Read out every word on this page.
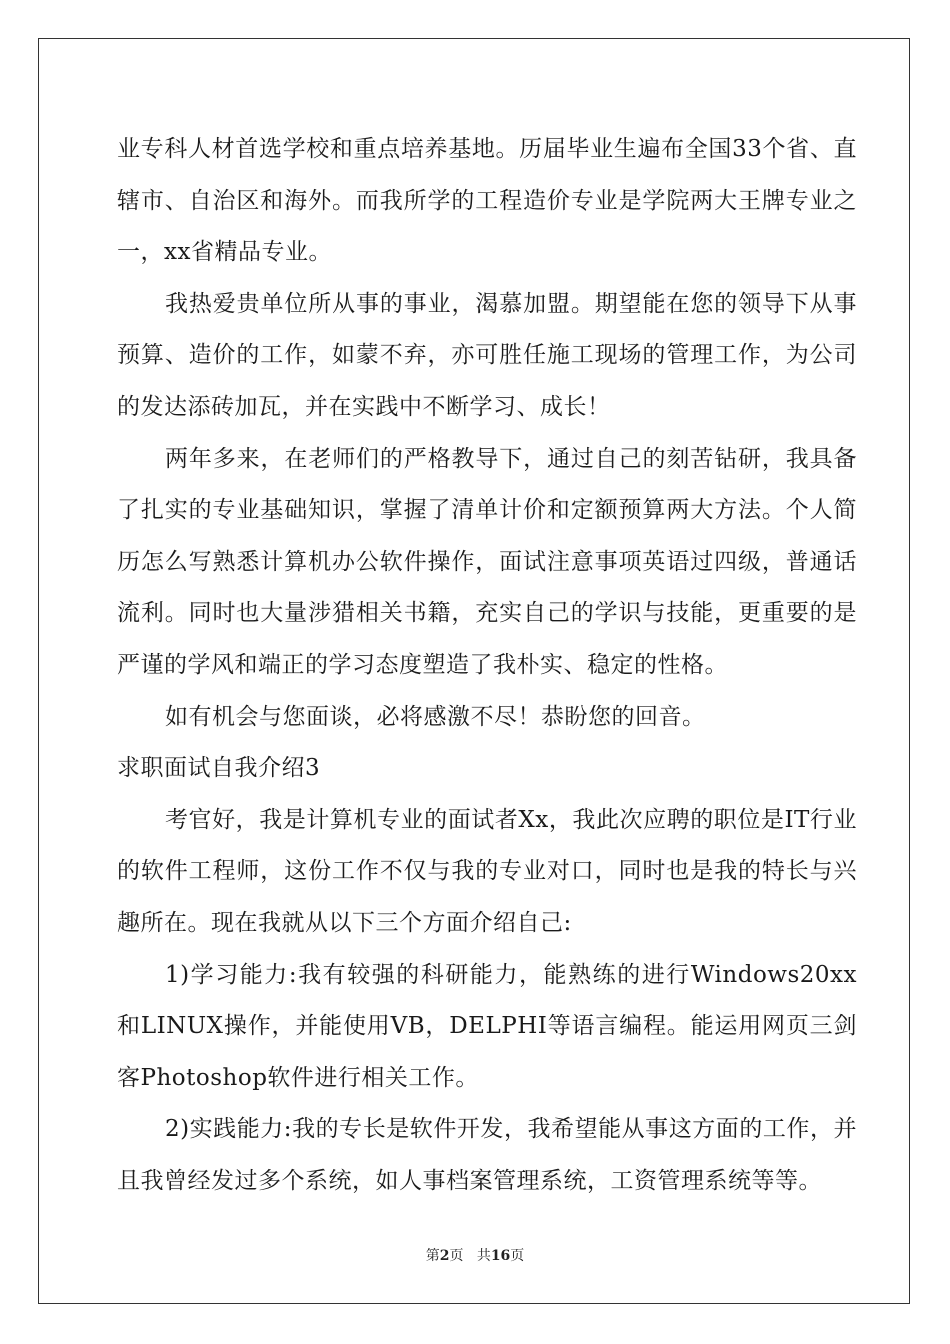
业专科人材首选学校和重点培养基地。历届毕业生遍布全国33个省、直辖市、自治区和海外。而我所学的工程造价专业是学院两大王牌专业之一，xx省精品专业。

我热爱贵单位所从事的事业，渴慕加盟。期望能在您的领导下从事预算、造价的工作，如蒙不弃，亦可胜任施工现场的管理工作，为公司的发达添砖加瓦，并在实践中不断学习、成长！

两年多来，在老师们的严格教导下，通过自己的刻苦钻研，我具备了扎实的专业基础知识，掌握了清单计价和定额预算两大方法。个人简历怎么写熟悉计算机办公软件操作，面试注意事项英语过四级，普通话流利。同时也大量涉猎相关书籍，充实自己的学识与技能，更重要的是严谨的学风和端正的学习态度塑造了我朴实、稳定的性格。

如有机会与您面谈，必将感激不尽！恭盼您的回音。

求职面试自我介绍3

考官好，我是计算机专业的面试者Xx，我此次应聘的职位是IT行业的软件工程师，这份工作不仅与我的专业对口，同时也是我的特长与兴趣所在。现在我就从以下三个方面介绍自己:

1)学习能力:我有较强的科研能力，能熟练的进行Windows20xx和LINUX操作，并能使用VB，DELPHI等语言编程。能运用网页三剑客Photoshop软件进行相关工作。

2)实践能力:我的专长是软件开发，我希望能从事这方面的工作，并且我曾经发过多个系统，如人事档案管理系统，工资管理系统等等。

第2页 共16页
